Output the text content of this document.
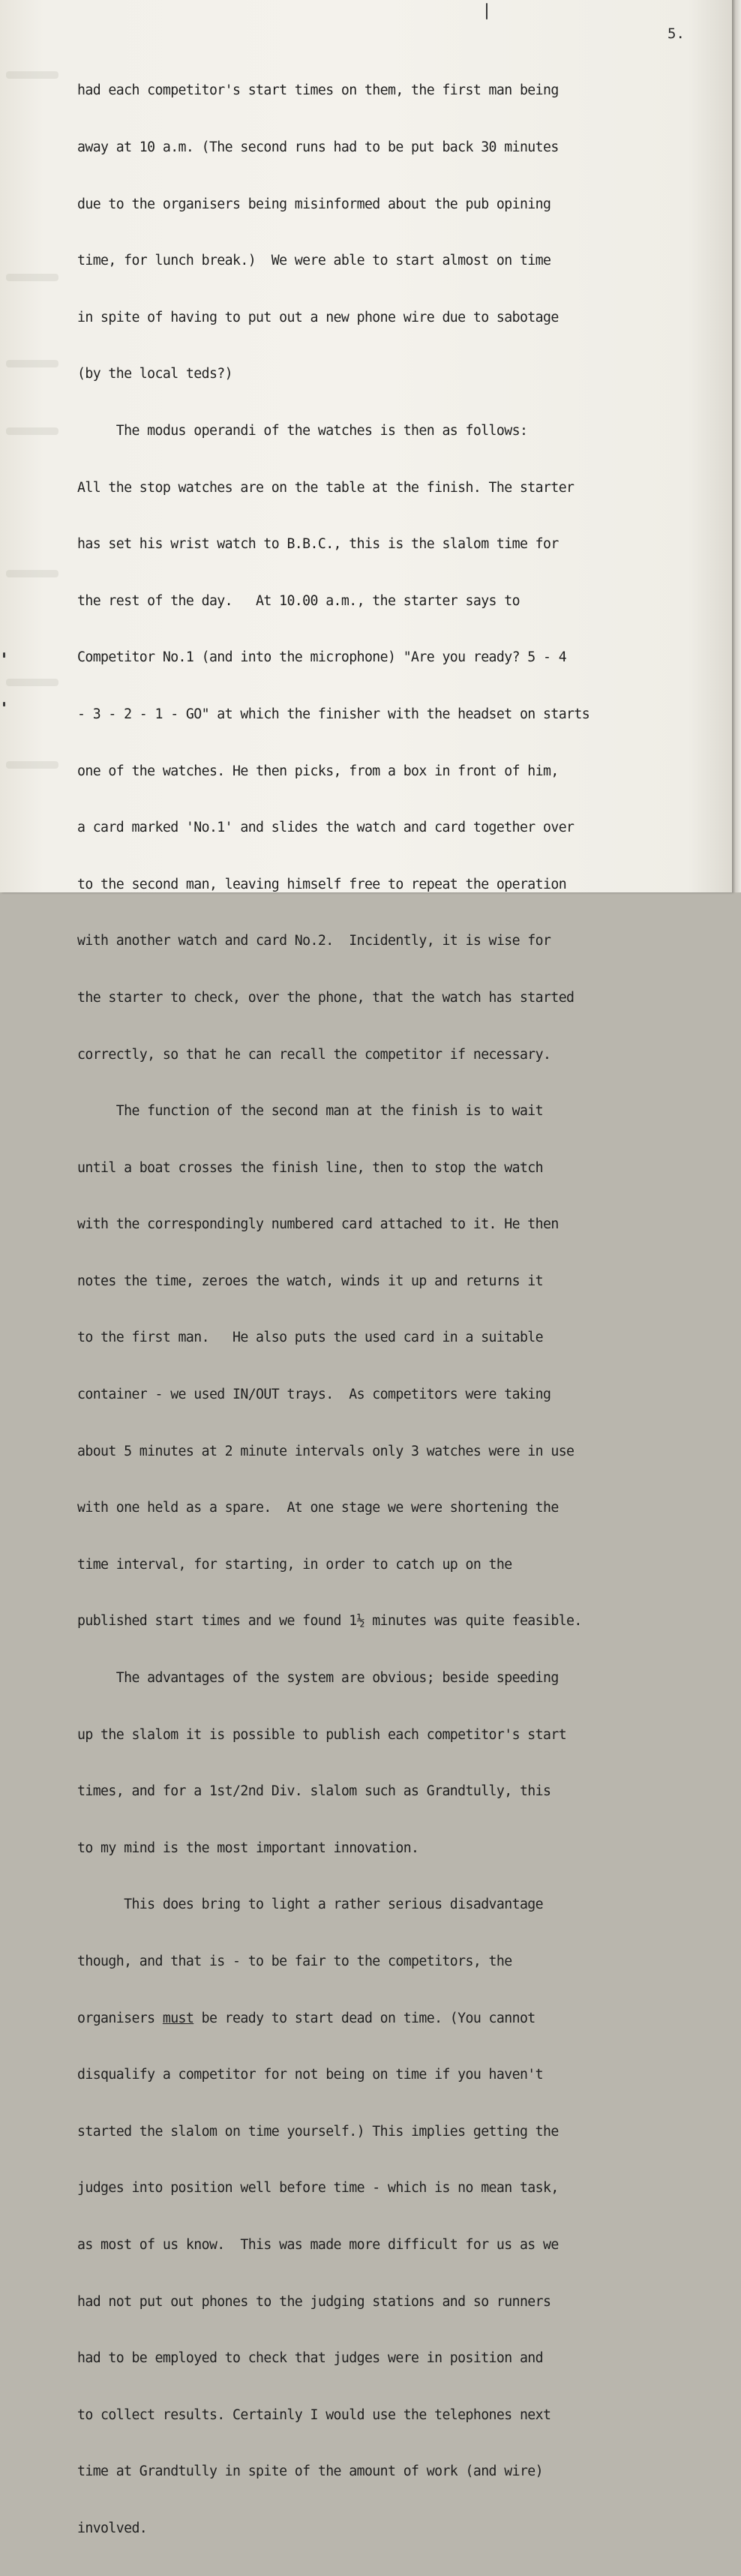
5.

had each competitor's start times on them, the first man being

away at 10 a.m. (The second runs had to be put back 30 minutes

due to the organisers being misinformed about the pub opining

time, for lunch break.)  We were able to start almost on time

in spite of having to put out a new phone wire due to sabotage

(by the local teds?)

The modus operandi of the watches is then as follows:

All the stop watches are on the table at the finish. The starter

has set his wrist watch to B.B.C., this is the slalom time for

the rest of the day.   At 10.00 a.m., the starter says to

Competitor No.1 (and into the microphone) "Are you ready? 5 - 4

- 3 - 2 - 1 - GO" at which the finisher with the headset on starts

one of the watches. He then picks, from a box in front of him,

a card marked 'No.1' and slides the watch and card together over

to the second man, leaving himself free to repeat the operation

with another watch and card No.2.  Incidently, it is wise for

the starter to check, over the phone, that the watch has started

correctly, so that he can recall the competitor if necessary.

The function of the second man at the finish is to wait

until a boat crosses the finish line, then to stop the watch

with the correspondingly numbered card attached to it. He then

notes the time, zeroes the watch, winds it up and returns it

to the first man.   He also puts the used card in a suitable

container - we used IN/OUT trays.  As competitors were taking

about 5 minutes at 2 minute intervals only 3 watches were in use

with one held as a spare.  At one stage we were shortening the

time interval, for starting, in order to catch up on the

published start times and we found 1½ minutes was quite feasible.

The advantages of the system are obvious; beside speeding

up the slalom it is possible to publish each competitor's start

times, and for a 1st/2nd Div. slalom such as Grandtully, this

to my mind is the most important innovation.

This does bring to light a rather serious disadvantage

though, and that is - to be fair to the competitors, the

organisers must be ready to start dead on time. (You cannot

disqualify a competitor for not being on time if you haven't

started the slalom on time yourself.) This implies getting the

judges into position well before time - which is no mean task,

as most of us know.  This was made more difficult for us as we

had not put out phones to the judging stations and so runners

had to be employed to check that judges were in position and

to collect results. Certainly I would use the telephones next

time at Grandtully in spite of the amount of work (and wire)

involved.
